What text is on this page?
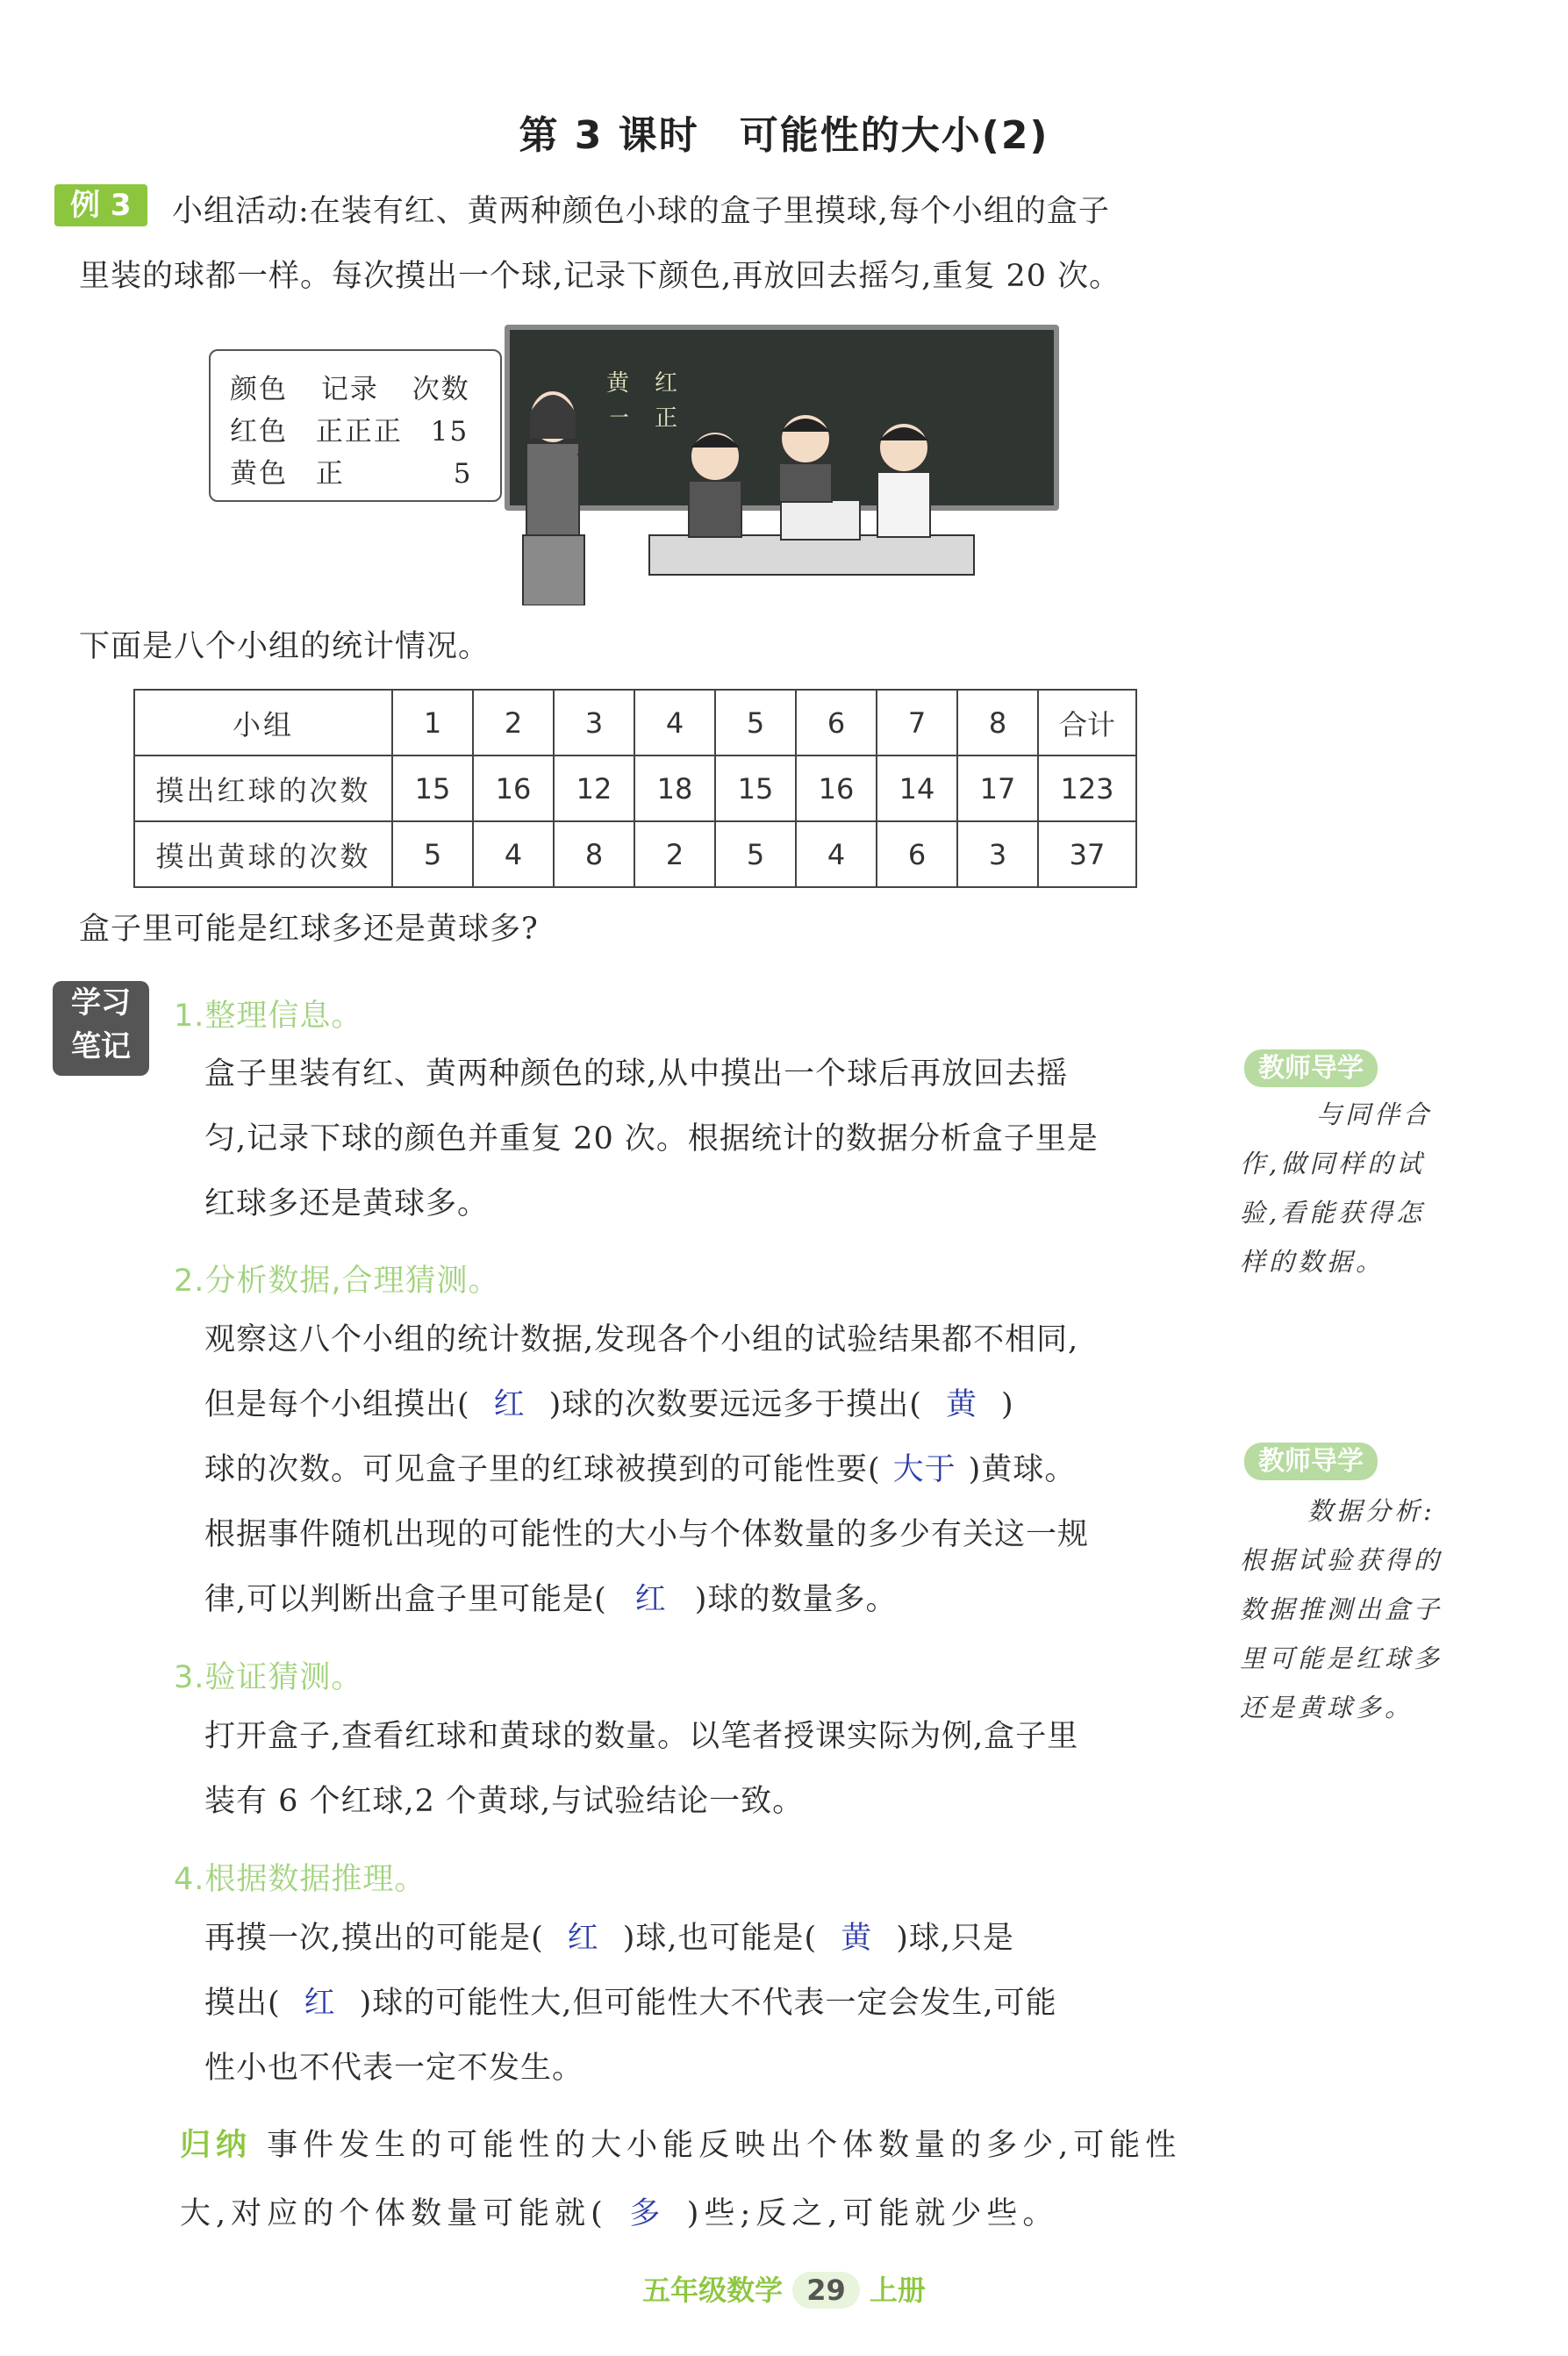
第 3 课时　可能性的大小(2)
例 3	小组活动:在装有红、黄两种颜色小球的盒子里摸球,每个小组的盒子
里装的球都一样。每次摸出一个球,记录下颜色,再放回去摇匀,重复 20 次。
颜色 记录 次数
红色 正正正 15
黄色 正	5
黄 红
一 正
下面是八个小组的统计情况。
小组	1	2	3	4	5	6	7	8	合计
摸出红球的次数	15	16	12	18	15	16	14	17	123
摸出黄球的次数	5	4	8	2	5	4	6	3	37
盒子里可能是红球多还是黄球多?
学习
笔记
1.整理信息。
盒子里装有红、黄两种颜色的球,从中摸出一个球后再放回去摇
匀,记录下球的颜色并重复 20 次。根据统计的数据分析盒子里是
红球多还是黄球多。
2.分析数据,合理猜测。
观察这八个小组的统计数据,发现各个小组的试验结果都不相同,
但是每个小组摸出( 红 )球的次数要远远多于摸出( 黄 )
球的次数。可见盒子里的红球被摸到的可能性要( 大于 )黄球。
根据事件随机出现的可能性的大小与个体数量的多少有关这一规
律,可以判断出盒子里可能是( 红 )球的数量多。
3.验证猜测。
打开盒子,查看红球和黄球的数量。以笔者授课实际为例,盒子里
装有 6 个红球,2 个黄球,与试验结论一致。
4.根据数据推理。
再摸一次,摸出的可能是( 红 )球,也可能是( 黄 )球,只是
摸出( 红 )球的可能性大,但可能性大不代表一定会发生,可能
性小也不代表一定不发生。
归纳 事件发生的可能性的大小能反映出个体数量的多少,可能性
大,对应的个体数量可能就( 多 )些;反之,可能就少些。
教师导学
与同伴合
作,做同样的试
验,看能获得怎
样的数据。
教师导学
数据分析:
根据试验获得的
数据推测出盒子
里可能是红球多
还是黄球多。
五年级数学 29 上册
